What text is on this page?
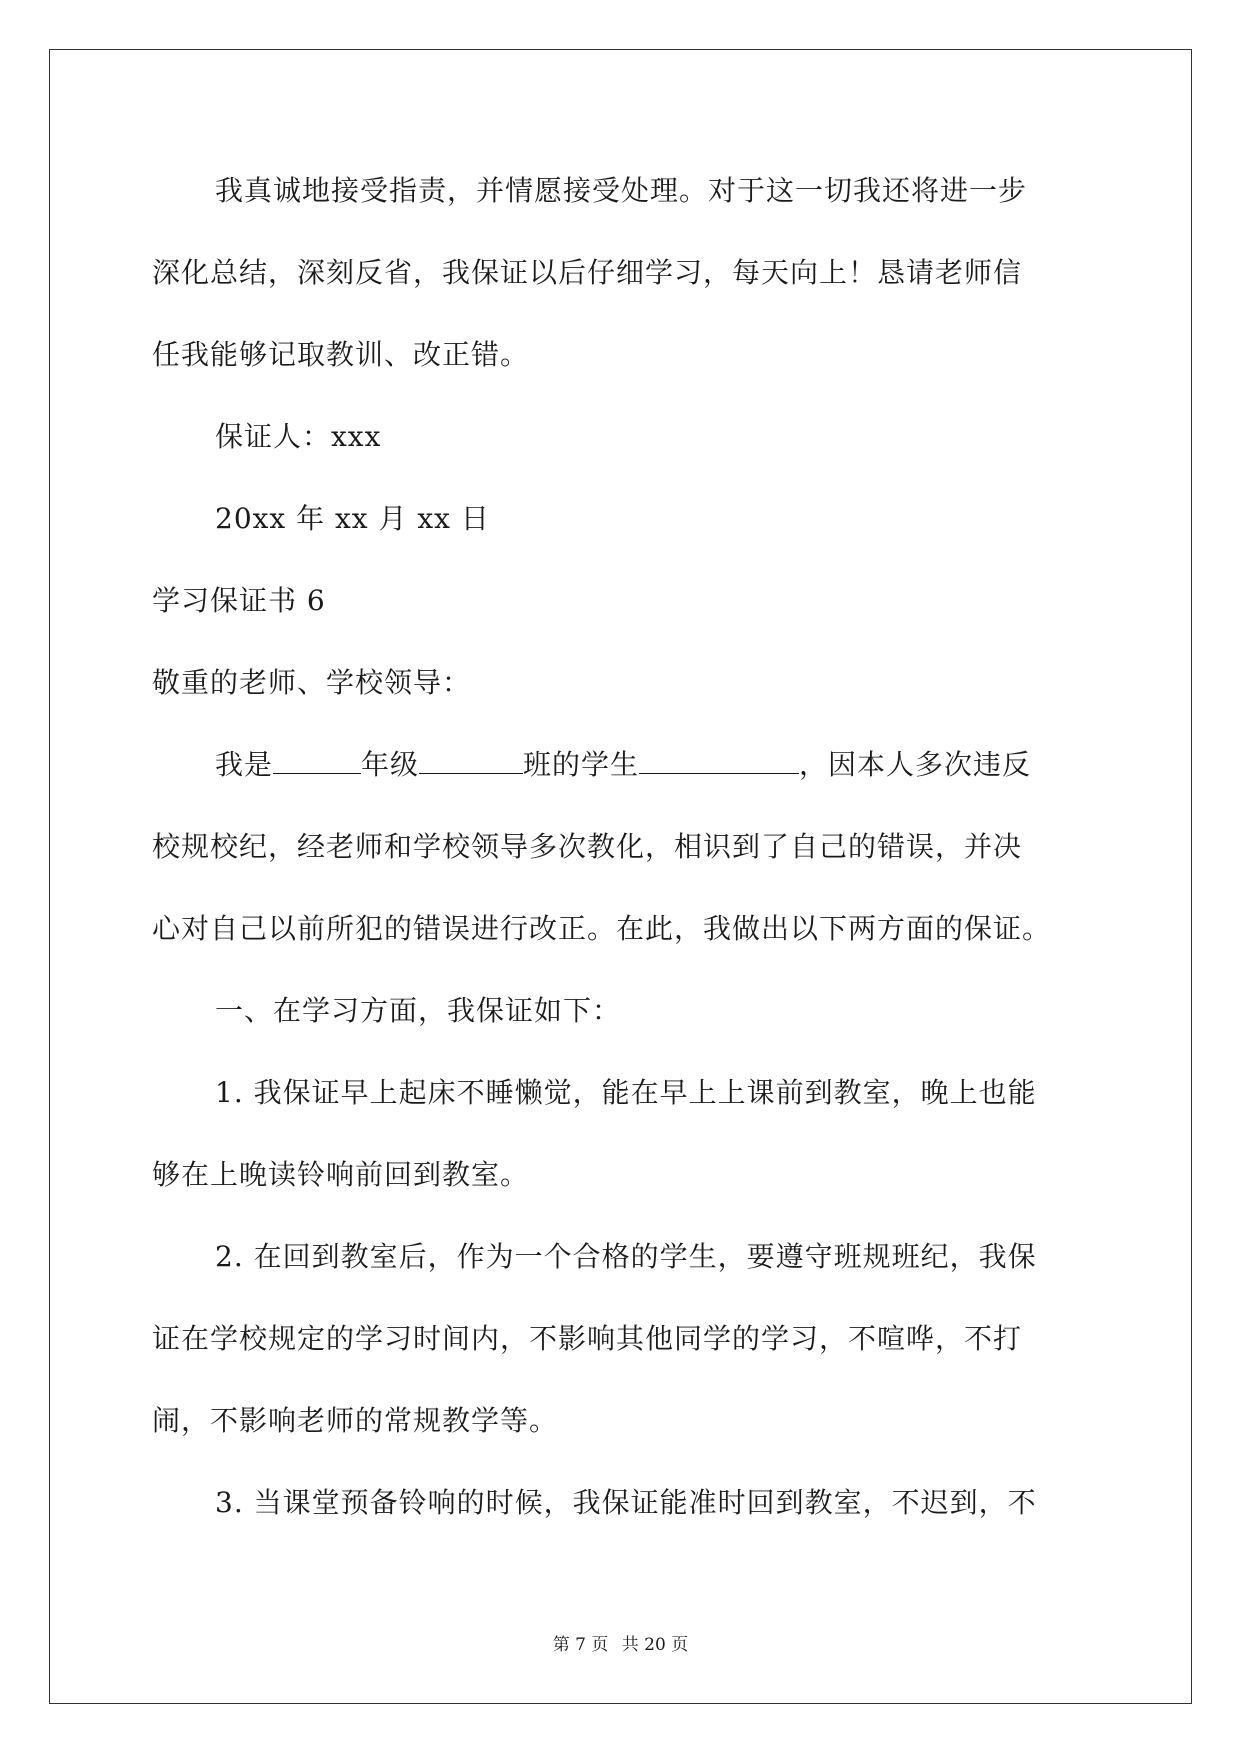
我真诚地接受指责，并情愿接受处理。对于这一切我还将进一步
深化总结，深刻反省，我保证以后仔细学习，每天向上！恳请老师信
任我能够记取教训、改正错。
保证人：xxx
20xx 年 xx 月 xx 日
学习保证书 6
敬重的老师、学校领导：
我是	年级	班的学生	，因本人多次违反
校规校纪，经老师和学校领导多次教化，相识到了自己的错误，并决
心对自己以前所犯的错误进行改正。在此，我做出以下两方面的保证。
一、在学习方面，我保证如下：
1. 我保证早上起床不睡懒觉，能在早上上课前到教室，晚上也能
够在上晚读铃响前回到教室。
2. 在回到教室后，作为一个合格的学生，要遵守班规班纪，我保
证在学校规定的学习时间内，不影响其他同学的学习，不喧哗，不打
闹，不影响老师的常规教学等。
3. 当课堂预备铃响的时候，我保证能准时回到教室，不迟到，不
第 7 页 共 20 页
